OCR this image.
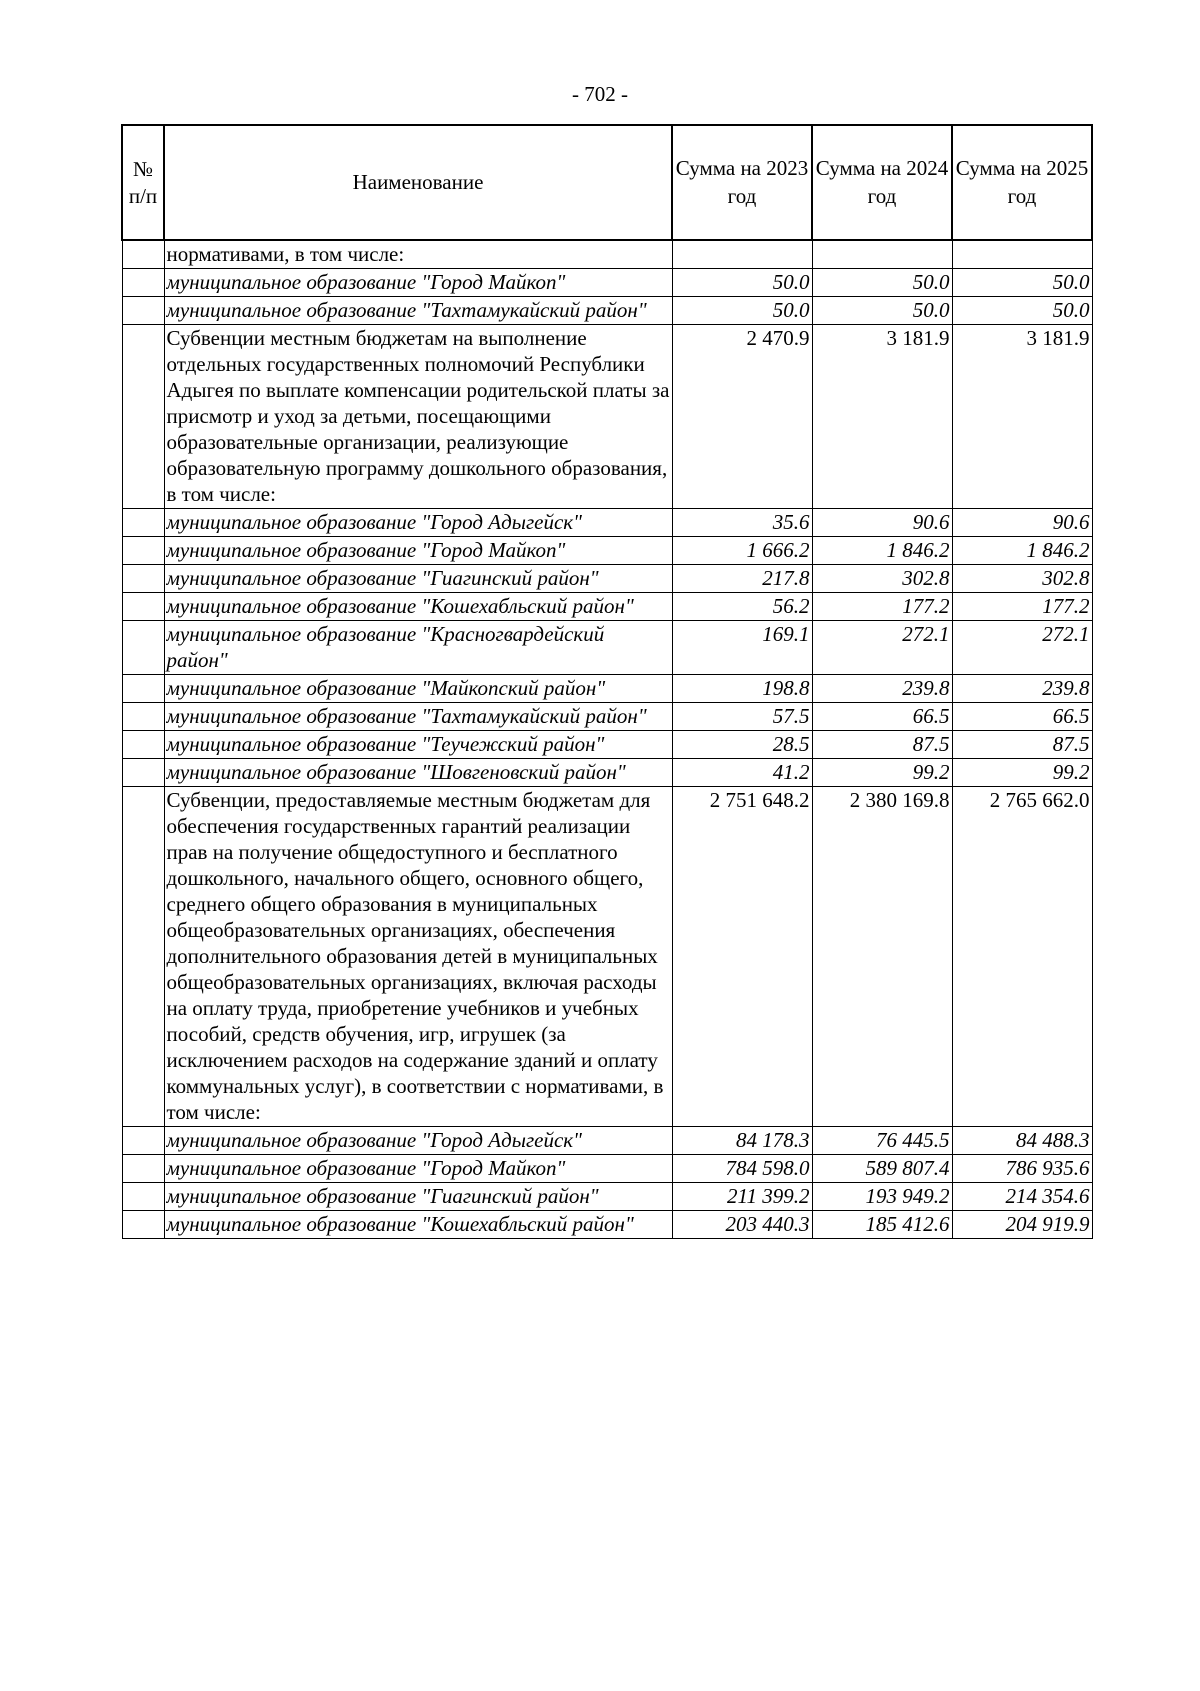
- 702 -
№ п/п	Наименование	Сумма на 2023 год	Сумма на 2024 год	Сумма на 2025 год
	нормативами, в том числе:			
	муниципальное образование "Город Майкоп"	50.0	50.0	50.0
	муниципальное образование "Тахтамукайский район"	50.0	50.0	50.0
	Субвенции местным бюджетам на выполнение отдельных государственных полномочий Республики Адыгея по выплате компенсации родительской платы за присмотр и уход за детьми, посещающими образовательные организации, реализующие образовательную программу дошкольного образования, в том числе:	2 470.9	3 181.9	3 181.9
	муниципальное образование "Город Адыгейск"	35.6	90.6	90.6
	муниципальное образование "Город Майкоп"	1 666.2	1 846.2	1 846.2
	муниципальное образование "Гиагинский район"	217.8	302.8	302.8
	муниципальное образование "Кошехабльский район"	56.2	177.2	177.2
	муниципальное образование "Красногвардейский район"	169.1	272.1	272.1
	муниципальное образование "Майкопский район"	198.8	239.8	239.8
	муниципальное образование "Тахтамукайский район"	57.5	66.5	66.5
	муниципальное образование "Теучежский район"	28.5	87.5	87.5
	муниципальное образование "Шовгеновский район"	41.2	99.2	99.2
	Субвенции, предоставляемые местным бюджетам для обеспечения государственных гарантий реализации прав на получение общедоступного и бесплатного дошкольного, начального общего, основного общего, среднего общего образования в муниципальных общеобразовательных организациях, обеспечения дополнительного образования детей в муниципальных общеобразовательных организациях, включая расходы на оплату труда, приобретение учебников и учебных пособий, средств обучения, игр, игрушек (за исключением расходов на содержание зданий и оплату коммунальных услуг), в соответствии с нормативами, в том числе:	2 751 648.2	2 380 169.8	2 765 662.0
	муниципальное образование "Город Адыгейск"	84 178.3	76 445.5	84 488.3
	муниципальное образование "Город Майкоп"	784 598.0	589 807.4	786 935.6
	муниципальное образование "Гиагинский район"	211 399.2	193 949.2	214 354.6
	муниципальное образование "Кошехабльский район"	203 440.3	185 412.6	204 919.9
